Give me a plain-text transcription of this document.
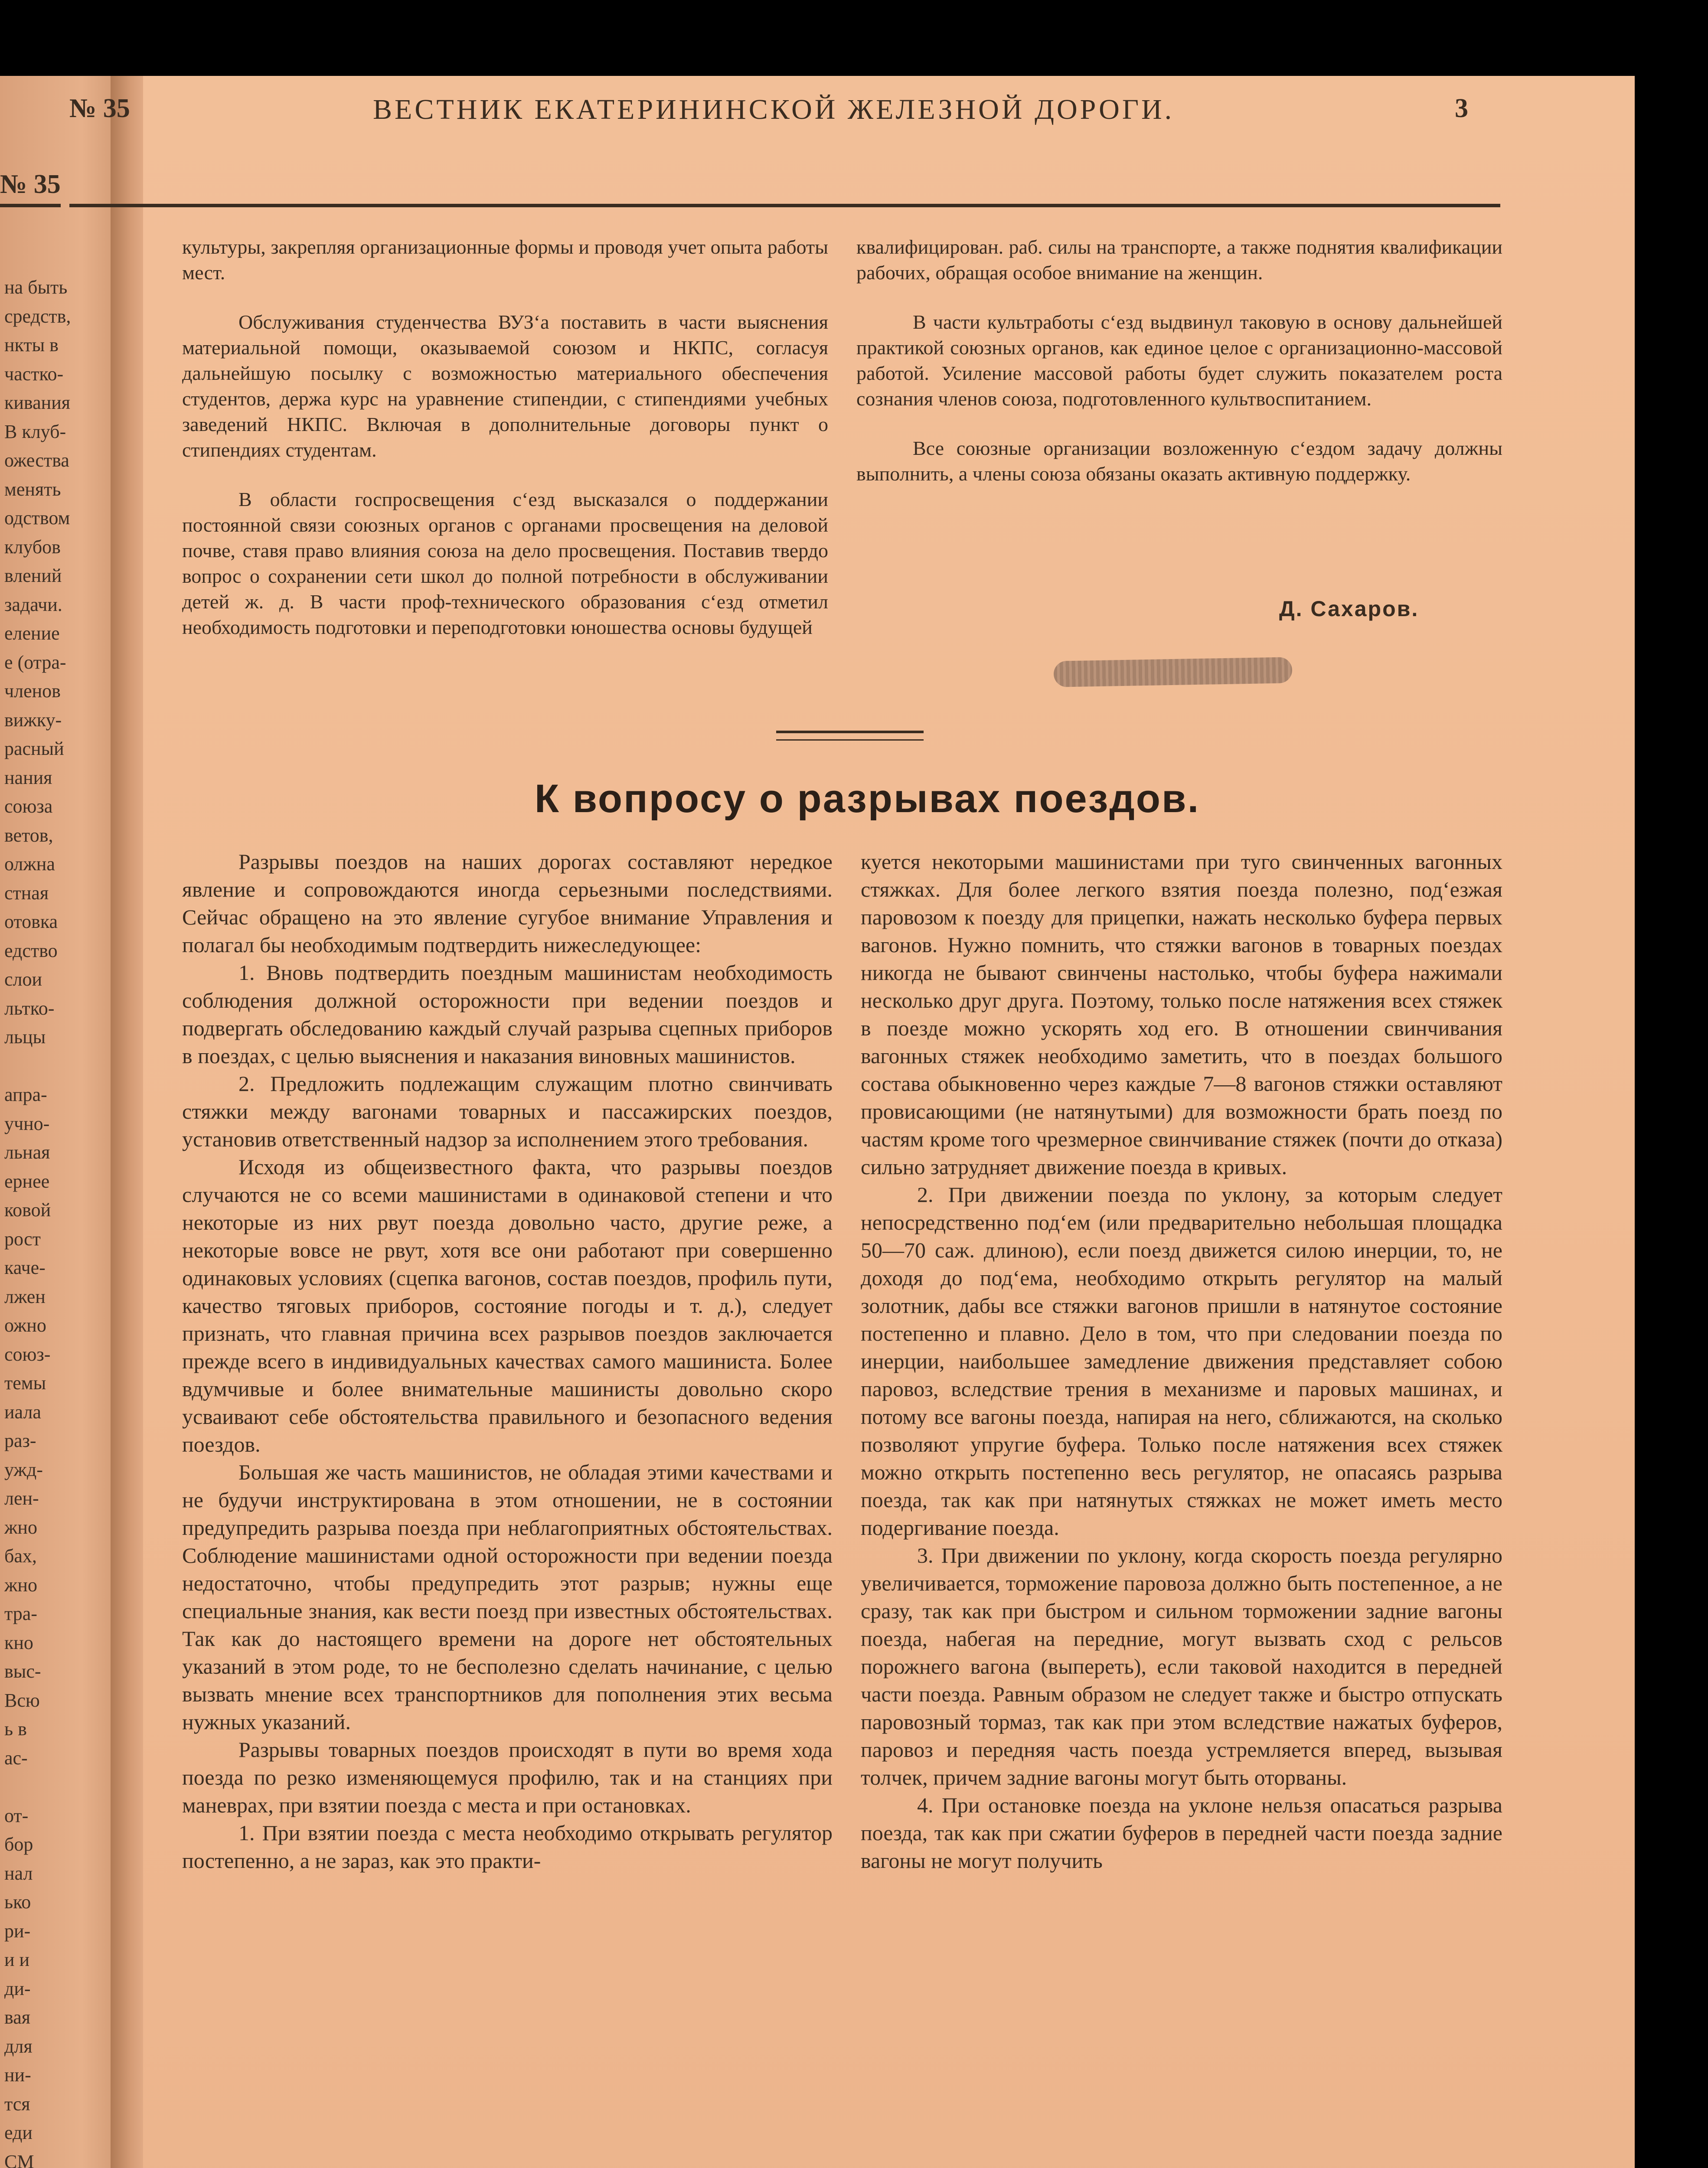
№ 35
на быть
средств,
нкты в
частко-
кивания
В клуб-
ожества
менять
одством
клубов
влений
задачи.
еление
е (отра-
членов
вижку-
расный
нания
союза
ветов,
олжна
стная
отовка
едство
слои
льтко-
льцы
апра-
учно-
льная
ернее
ковой
рост
каче-
лжен
ожно
союз-
темы
иала
раз-
ужд-
лен-
жно
бах,
жно
тра-
кно
выс-
Всю
ь в
ас-
от-
бор
нал
ько
ри-
и и
ди-
вая
для
ни-
тся
еди
СМ
№ 35	ВЕСТНИК ЕКАТЕРИНИНСКОЙ ЖЕЛЕЗНОЙ ДОРОГИ.	3

культуры, закрепляя организационные формы и проводя учет опыта работы мест.

Обслуживания студенчества ВУЗ‘а поставить в части выяснения материальной помощи, оказываемой союзом и НКПС, согласуя дальнейшую посылку с возможностью материального обеспечения студентов, держа курс на уравнение стипендии, с стипендиями учебных заведений НКПС. Включая в дополнительные договоры пункт о стипендиях студентам.

В области госпросвещения с‘езд высказался о поддержании постоянной связи союзных органов с органами просвещения на деловой почве, ставя право влияния союза на дело просвещения. Поставив твердо вопрос о сохранении сети школ до полной потребности в обслуживании детей ж. д. В части проф-технического образования с‘езд отметил необходимость подготовки и переподготовки юношества основы будущей

квалифицирован. раб. силы на транспорте, а также поднятия квалификации рабочих, обращая особое внимание на женщин.

В части культработы с‘езд выдвинул таковую в основу дальнейшей практикой союзных органов, как единое целое с организационно-массовой работой. Усиление массовой работы будет служить показателем роста сознания членов союза, подготовленного культвоспитанием.

Все союзные организации возложенную с‘ездом задачу должны выполнить, а члены союза обязаны оказать активную поддержку.

Д. Сахаров.
К вопросу о разрывах поездов.

Разрывы поездов на наших дорогах составляют нередкое явление и сопровождаются иногда серьезными последствиями. Сейчас обращено на это явление сугубое внимание Управления и полагал бы необходимым подтвердить нижеследующее:

1. Вновь подтвердить поездным машинистам необходимость соблюдения должной осторожности при ведении поездов и подвергать обследованию каждый случай разрыва сцепных приборов в поездах, с целью выяснения и наказания виновных машинистов.

2. Предложить подлежащим служащим плотно свинчивать стяжки между вагонами товарных и пассажирских поездов, установив ответственный надзор за исполнением этого требования.

Исходя из общеизвестного факта, что разрывы поездов случаются не со всеми машинистами в одинаковой степени и что некоторые из них рвут поезда довольно часто, другие реже, а некоторые вовсе не рвут, хотя все они работают при совершенно одинаковых условиях (сцепка вагонов, состав поездов, профиль пути, качество тяговых приборов, состояние погоды и т. д.), следует признать, что главная причина всех разрывов поездов заключается прежде всего в индивидуальных качествах самого машиниста. Более вдумчивые и более внимательные машинисты довольно скоро усваивают себе обстоятельства правильного и безопасного ведения поездов.

Большая же часть машинистов, не обладая этими качествами и не будучи инструктирована в этом отношении, не в состоянии предупредить разрыва поезда при неблагоприятных обстоятельствах. Соблюдение машинистами одной осторожности при ведении поезда недостаточно, чтобы предупредить этот разрыв; нужны еще специальные знания, как вести поезд при известных обстоятельствах. Так как до настоящего времени на дороге нет обстоятельных указаний в этом роде, то не бесполезно сделать начинание, с целью вызвать мнение всех транспортников для пополнения этих весьма нужных указаний.

Разрывы товарных поездов происходят в пути во время хода поезда по резко изменяющемуся профилю, так и на станциях при маневрах, при взятии поезда с места и при остановках.

1. При взятии поезда с места необходимо открывать регулятор постепенно, а не зараз, как это практи-

куется некоторыми машинистами при туго свинченных вагонных стяжках. Для более легкого взятия поезда полезно, под‘езжая паровозом к поезду для прицепки, нажать несколько буфера первых вагонов. Нужно помнить, что стяжки вагонов в товарных поездах никогда не бывают свинчены настолько, чтобы буфера нажимали несколько друг друга. Поэтому, только после натяжения всех стяжек в поезде можно ускорять ход его. В отношении свинчивания вагонных стяжек необходимо заметить, что в поездах большого состава обыкновенно через каждые 7—8 вагонов стяжки оставляют провисающими (не натянутыми) для возможности брать поезд по частям кроме того чрезмерное свинчивание стяжек (почти до отказа) сильно затрудняет движение поезда в кривых.

2. При движении поезда по уклону, за которым следует непосредственно под‘ем (или предварительно небольшая площадка 50—70 саж. длиною), если поезд движется силою инерции, то, не доходя до под‘ема, необходимо открыть регулятор на малый золотник, дабы все стяжки вагонов пришли в натянутое состояние постепенно и плавно. Дело в том, что при следовании поезда по инерции, наибольшее замедление движения представляет собою паровоз, вследствие трения в механизме и паровых машинах, и потому все вагоны поезда, напирая на него, сближаются, на сколько позволяют упругие буфера. Только после натяжения всех стяжек можно открыть постепенно весь регулятор, не опасаясь разрыва поезда, так как при натянутых стяжках не может иметь место подергивание поезда.

3. При движении по уклону, когда скорость поезда регулярно увеличивается, торможение паровоза должно быть постепенное, а не сразу, так как при быстром и сильном торможении задние вагоны поезда, набегая на передние, могут вызвать сход с рельсов порожнего вагона (выпереть), если таковой находится в передней части поезда. Равным образом не следует также и быстро отпускать паровозный тормаз, так как при этом вследствие нажатых буферов, паровоз и передняя часть поезда устремляется вперед, вызывая толчек, причем задние вагоны могут быть оторваны.

4. При остановке поезда на уклоне нельзя опасаться разрыва поезда, так как при сжатии буферов в передней части поезда задние вагоны не могут получить
